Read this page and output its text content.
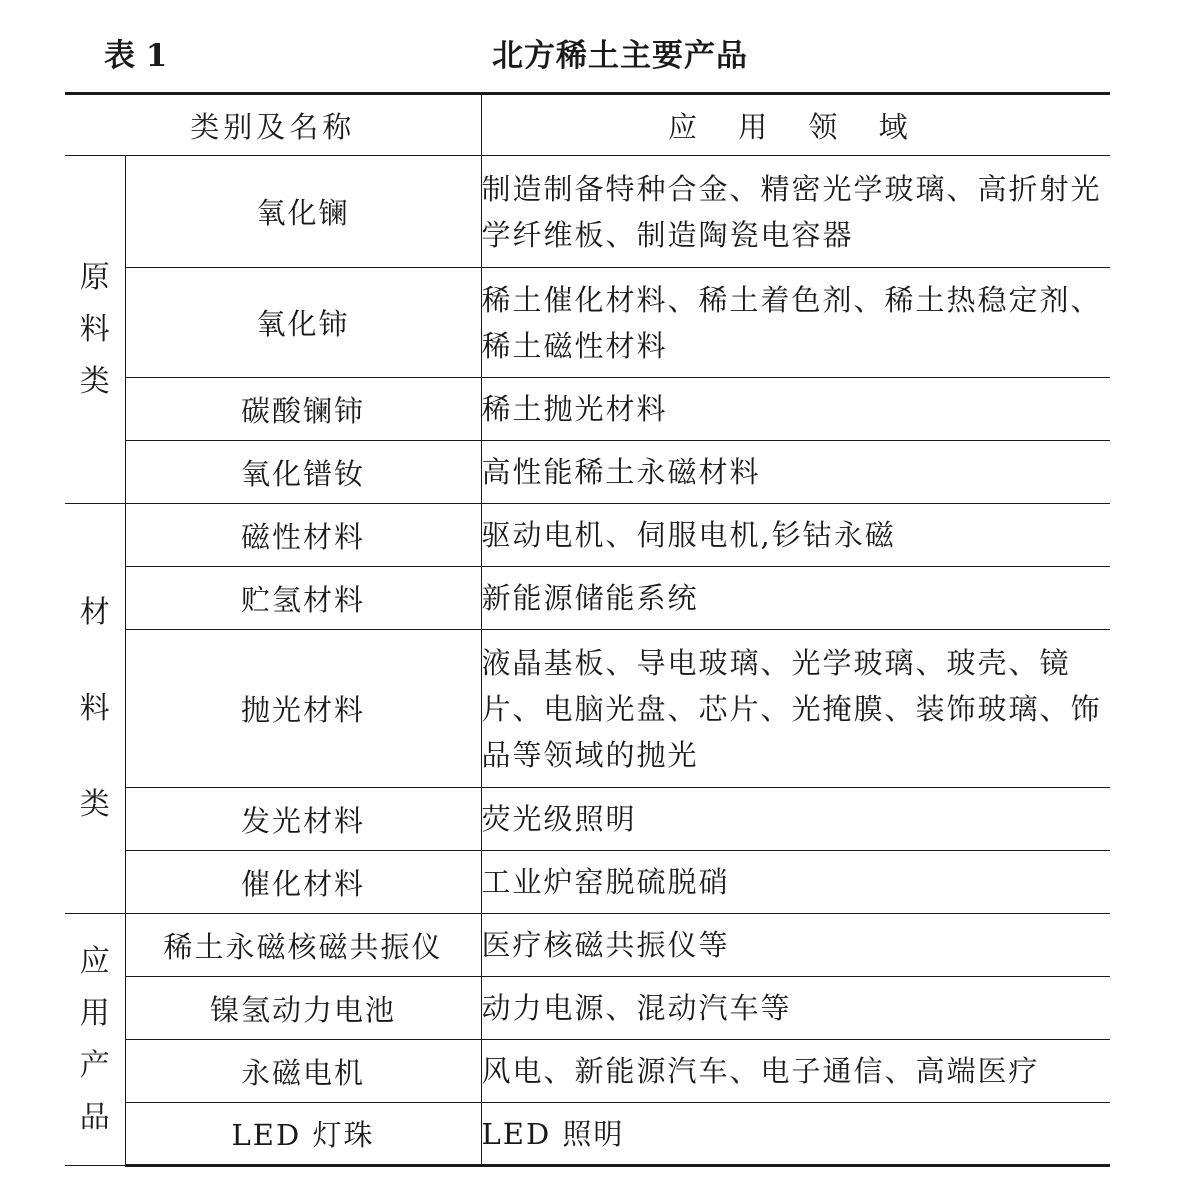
表 1	北方稀土主要产品
类别及名称		应 用 领 域
原料类	氧化镧	制造制备特种合金、精密光学玻璃、高折射光学纤维板、制造陶瓷电容器
	氧化铈	稀土催化材料、稀土着色剂、稀土热稳定剂、稀土磁性材料
	碳酸镧铈	稀土抛光材料
	氧化镨钕	高性能稀土永磁材料
材料类	磁性材料	驱动电机、伺服电机,钐钴永磁
	贮氢材料	新能源储能系统
	抛光材料	液晶基板、导电玻璃、光学玻璃、玻壳、镜片、电脑光盘、芯片、光掩膜、装饰玻璃、饰品等领域的抛光
	发光材料	荧光级照明
	催化材料	工业炉窑脱硫脱硝
应用产品	稀土永磁核磁共振仪	医疗核磁共振仪等
	镍氢动力电池	动力电源、混动汽车等
	永磁电机	风电、新能源汽车、电子通信、高端医疗
	LED 灯珠	LED 照明
